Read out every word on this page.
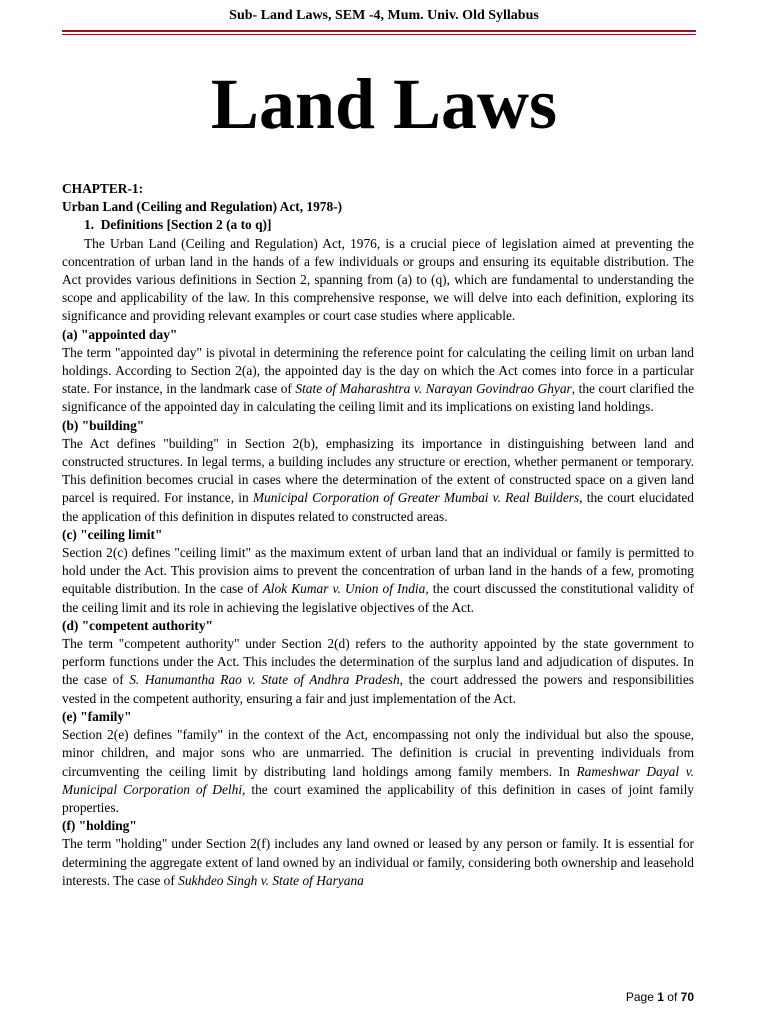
Sub- Land Laws, SEM -4, Mum. Univ. Old Syllabus
Land Laws

CHAPTER-1:

Urban Land (Ceiling and Regulation) Act, 1978-)

1.  Definitions [Section 2 (a to q)]

The Urban Land (Ceiling and Regulation) Act, 1976, is a crucial piece of legislation aimed at preventing the concentration of urban land in the hands of a few individuals or groups and ensuring its equitable distribution. The Act provides various definitions in Section 2, spanning from (a) to (q), which are fundamental to understanding the scope and applicability of the law. In this comprehensive response, we will delve into each definition, exploring its significance and providing relevant examples or court case studies where applicable.

(a) "appointed day"

The term "appointed day" is pivotal in determining the reference point for calculating the ceiling limit on urban land holdings. According to Section 2(a), the appointed day is the day on which the Act comes into force in a particular state. For instance, in the landmark case of State of Maharashtra v. Narayan Govindrao Ghyar, the court clarified the significance of the appointed day in calculating the ceiling limit and its implications on existing land holdings.

(b) "building"

The Act defines "building" in Section 2(b), emphasizing its importance in distinguishing between land and constructed structures. In legal terms, a building includes any structure or erection, whether permanent or temporary. This definition becomes crucial in cases where the determination of the extent of constructed space on a given land parcel is required. For instance, in Municipal Corporation of Greater Mumbai v. Real Builders, the court elucidated the application of this definition in disputes related to constructed areas.

(c) "ceiling limit"

Section 2(c) defines "ceiling limit" as the maximum extent of urban land that an individual or family is permitted to hold under the Act. This provision aims to prevent the concentration of urban land in the hands of a few, promoting equitable distribution. In the case of Alok Kumar v. Union of India, the court discussed the constitutional validity of the ceiling limit and its role in achieving the legislative objectives of the Act.

(d) "competent authority"

The term "competent authority" under Section 2(d) refers to the authority appointed by the state government to perform functions under the Act. This includes the determination of the surplus land and adjudication of disputes. In the case of S. Hanumantha Rao v. State of Andhra Pradesh, the court addressed the powers and responsibilities vested in the competent authority, ensuring a fair and just implementation of the Act.

(e) "family"

Section 2(e) defines "family" in the context of the Act, encompassing not only the individual but also the spouse, minor children, and major sons who are unmarried. The definition is crucial in preventing individuals from circumventing the ceiling limit by distributing land holdings among family members. In Rameshwar Dayal v. Municipal Corporation of Delhi, the court examined the applicability of this definition in cases of joint family properties.

(f) "holding"

The term "holding" under Section 2(f) includes any land owned or leased by any person or family. It is essential for determining the aggregate extent of land owned by an individual or family, considering both ownership and leasehold interests. The case of Sukhdeo Singh v. State of Haryana

Page 1 of 70
